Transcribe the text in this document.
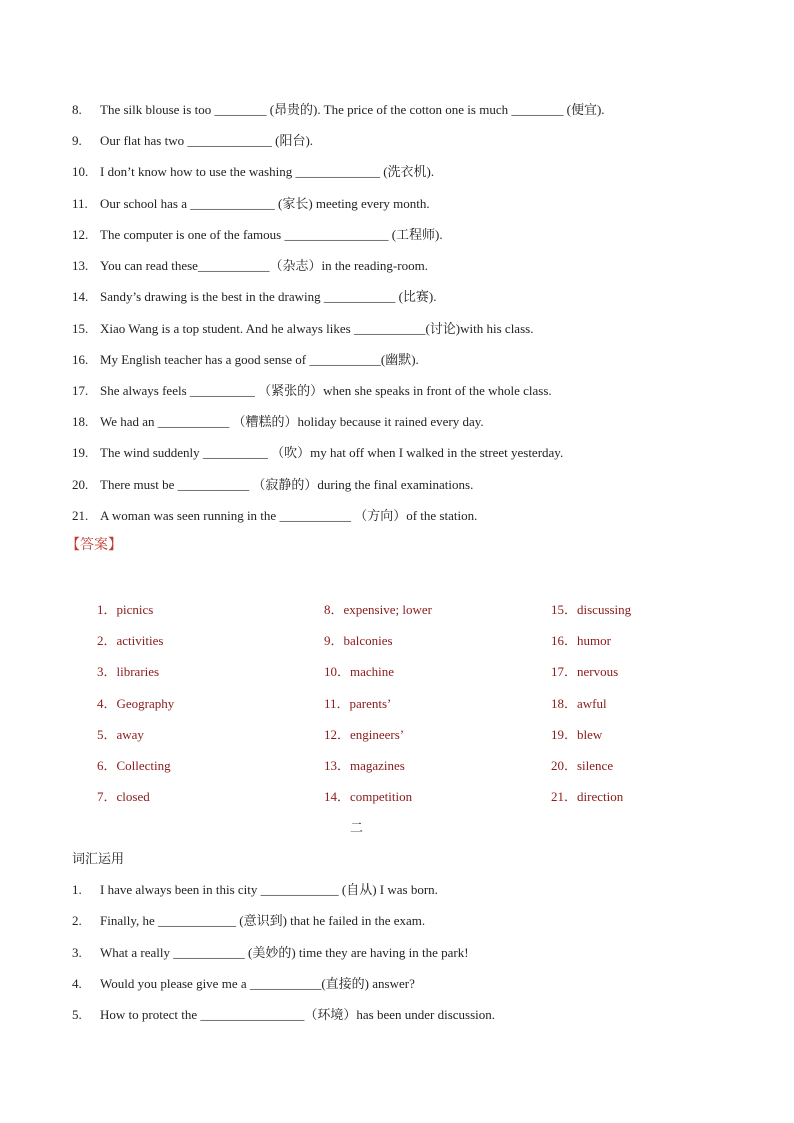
8. The silk blouse is too ________ (昂贵的). The price of the cotton one is much ________ (便宜).
9. Our flat has two _____________ (阳台).
10. I don’t know how to use the washing _____________ (洗衣机).
11. Our school has a _____________ (家长) meeting every month.
12. The computer is one of the famous ________________ (工程师).
13. You can read these___________（杂志）in the reading-room.
14. Sandy’s drawing is the best in the drawing ___________ (比赛).
15. Xiao Wang is a top student. And he always likes ___________(讨论)with his class.
16. My English teacher has a good sense of ___________(幽默).
17. She always feels __________ （紧张的）when she speaks in front of the whole class.
18. We had an ___________ （糟糕的）holiday because it rained every day.
19. The wind suddenly __________ （吹）my hat off when I walked in the street yesterday.
20. There must be ___________ （寂静的）during the final examinations.
21. A woman was seen running in the ___________ （方向）of the station.
【答案】
1．picnics
2．activities
3．libraries
4．Geography
5．away
6．Collecting
7．closed
8．expensive; lower
9．balconies
10．machine
11．parents’
12．engineers’
13．magazines
14．competition
15．discussing
16．humor
17．nervous
18．awful
19．blew
20．silence
21．direction
二
词汇运用
1. I have always been in this city ____________ (自从) I was born.
2. Finally, he ____________ (意识到) that he failed in the exam.
3. What a really ___________ (美妙的) time they are having in the park!
4. Would you please give me a ___________(直接的) answer?
5. How to protect the ________________（环境）has been under discussion.
